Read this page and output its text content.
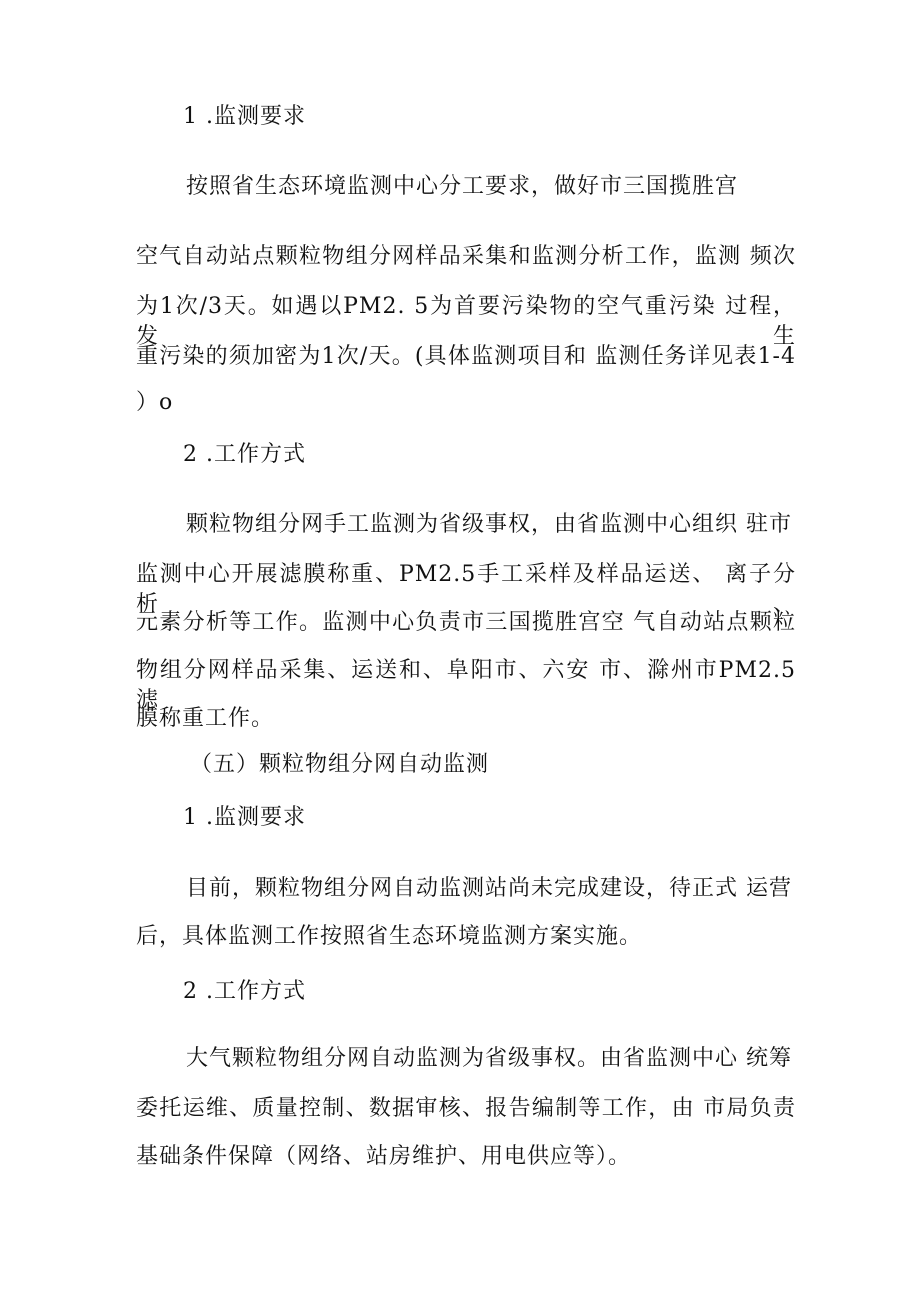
1 .监测要求
按照省生态环境监测中心分工要求，做好市三国揽胜宫
空气自动站点颗粒物组分网样品采集和监测分析工作，监测 频次
为1次/3天。如遇以PM2. 5为首要污染物的空气重污染 过程，发生
重污染的须加密为1次/天。(具体监测项目和 监测任务详见表1-4
）o
2 .工作方式
颗粒物组分网手工监测为省级事权，由省监测中心组织 驻市
监测中心开展滤膜称重、PM2.5手工采样及样品运送、 离子分析、
元素分析等工作。监测中心负责市三国揽胜宫空 气自动站点颗粒
物组分网样品采集、运送和、阜阳市、六安 市、滁州市PM2.5滤
膜称重工作。
（五）颗粒物组分网自动监测
1 .监测要求
目前，颗粒物组分网自动监测站尚未完成建设，待正式 运营
后，具体监测工作按照省生态环境监测方案实施。
2 .工作方式
大气颗粒物组分网自动监测为省级事权。由省监测中心 统筹
委托运维、质量控制、数据审核、报告编制等工作，由 市局负责
基础条件保障（网络、站房维护、用电供应等）。
